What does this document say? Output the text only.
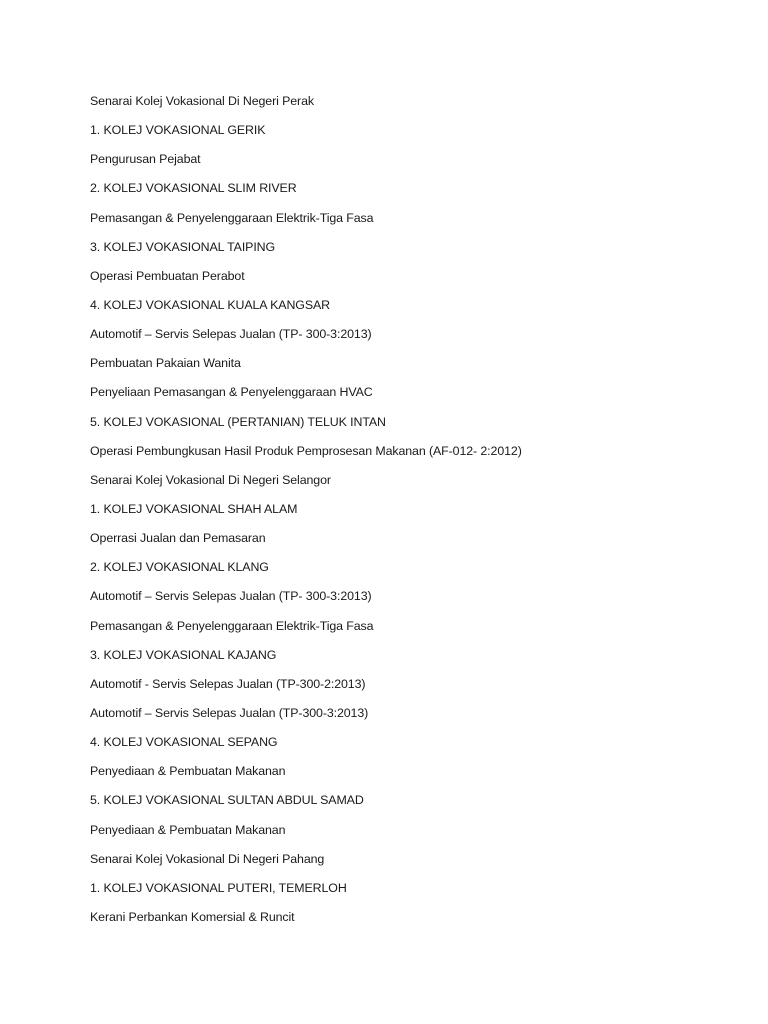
Senarai Kolej Vokasional Di Negeri Perak
1. KOLEJ VOKASIONAL GERIK
Pengurusan Pejabat
2. KOLEJ VOKASIONAL SLIM RIVER
Pemasangan & Penyelenggaraan Elektrik-Tiga Fasa
3. KOLEJ VOKASIONAL TAIPING
Operasi Pembuatan Perabot
4. KOLEJ VOKASIONAL KUALA KANGSAR
Automotif – Servis Selepas Jualan (TP- 300-3:2013)
Pembuatan Pakaian Wanita
Penyeliaan Pemasangan & Penyelenggaraan HVAC
5. KOLEJ VOKASIONAL (PERTANIAN) TELUK INTAN
Operasi Pembungkusan Hasil Produk Pemprosesan Makanan (AF-012- 2:2012)
Senarai Kolej Vokasional Di Negeri Selangor
1. KOLEJ VOKASIONAL SHAH ALAM
Operrasi Jualan dan Pemasaran
2. KOLEJ VOKASIONAL KLANG
Automotif – Servis Selepas Jualan (TP- 300-3:2013)
Pemasangan & Penyelenggaraan Elektrik-Tiga Fasa
3. KOLEJ VOKASIONAL KAJANG
Automotif - Servis Selepas Jualan (TP-300-2:2013)
Automotif – Servis Selepas Jualan (TP-300-3:2013)
4. KOLEJ VOKASIONAL SEPANG
Penyediaan & Pembuatan Makanan
5. KOLEJ VOKASIONAL SULTAN ABDUL SAMAD
Penyediaan & Pembuatan Makanan
Senarai Kolej Vokasional Di Negeri Pahang
1. KOLEJ VOKASIONAL PUTERI, TEMERLOH
Kerani Perbankan Komersial & Runcit
